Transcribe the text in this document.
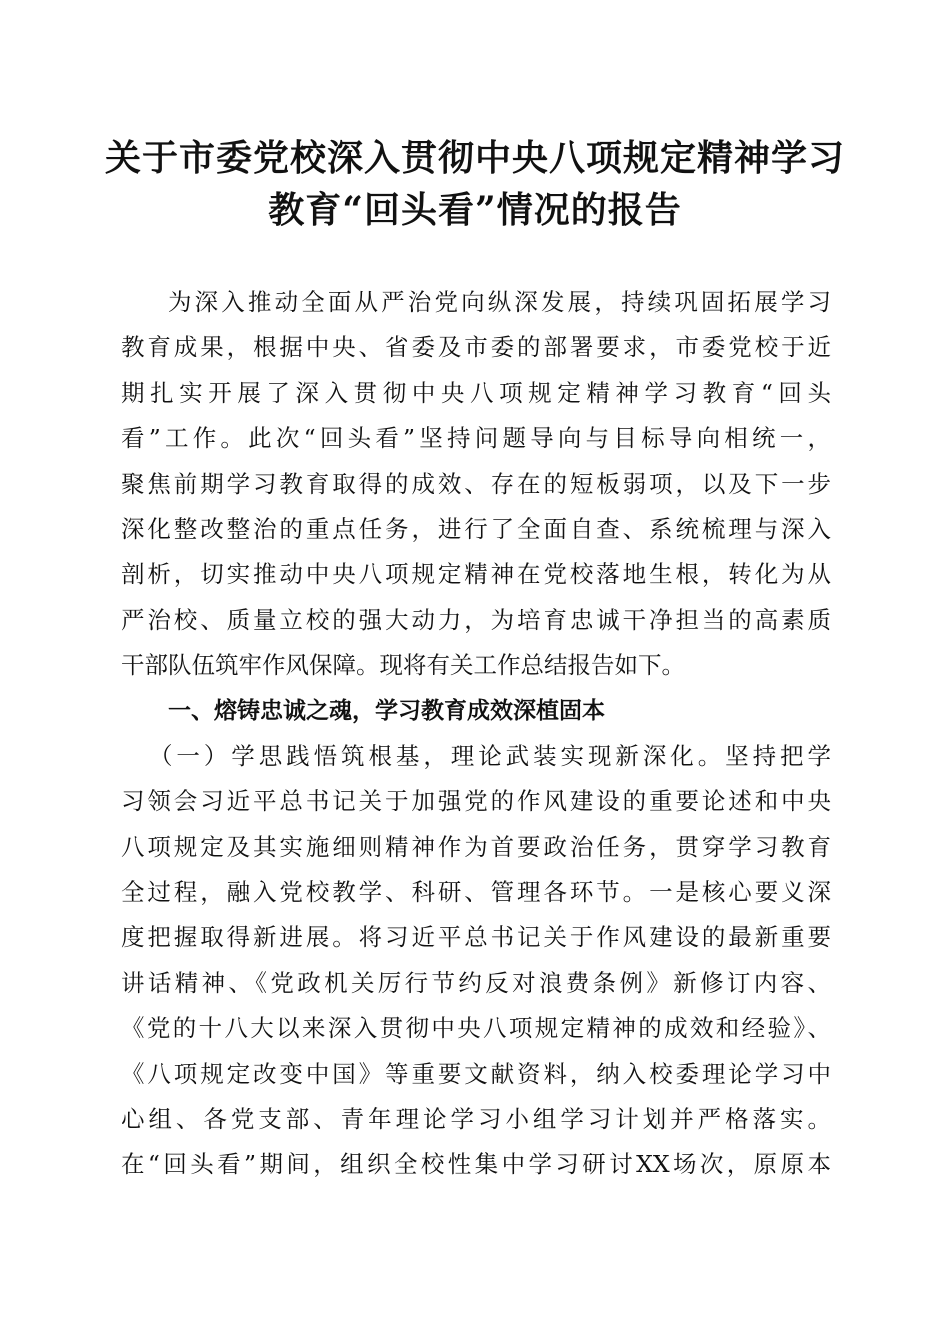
关于市委党校深入贯彻中央八项规定精神学习
教育“回头看”情况的报告
为深入推动全面从严治党向纵深发展，持续巩固拓展学习
教育成果，根据中央、省委及市委的部署要求，市委党校于近
期扎实开展了深入贯彻中央八项规定精神学习教育“回头
看”工作。此次“回头看”坚持问题导向与目标导向相统一，
聚焦前期学习教育取得的成效、存在的短板弱项，以及下一步
深化整改整治的重点任务，进行了全面自查、系统梳理与深入
剖析，切实推动中央八项规定精神在党校落地生根，转化为从
严治校、质量立校的强大动力，为培育忠诚干净担当的高素质
干部队伍筑牢作风保障。现将有关工作总结报告如下。
一、熔铸忠诚之魂，学习教育成效深植固本
（一）学思践悟筑根基，理论武装实现新深化。坚持把学
习领会习近平总书记关于加强党的作风建设的重要论述和中央
八项规定及其实施细则精神作为首要政治任务，贯穿学习教育
全过程，融入党校教学、科研、管理各环节。一是核心要义深
度把握取得新进展。将习近平总书记关于作风建设的最新重要
讲话精神、《党政机关厉行节约反对浪费条例》新修订内容、
《党的十八大以来深入贯彻中央八项规定精神的成效和经验》、
《八项规定改变中国》等重要文献资料，纳入校委理论学习中
心组、各党支部、青年理论学习小组学习计划并严格落实。
在“回头看”期间，组织全校性集中学习研讨XX场次，原原本
